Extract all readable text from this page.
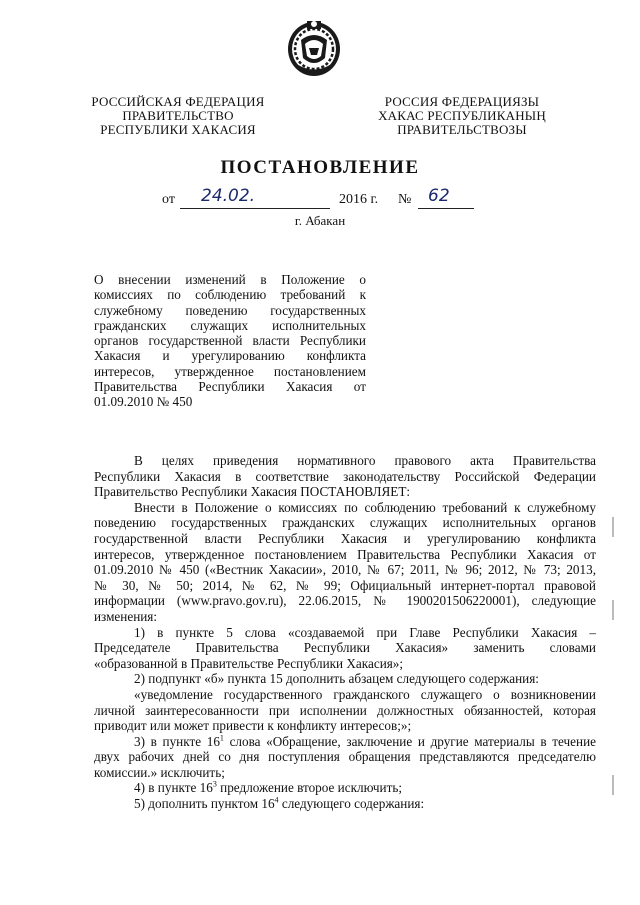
РОССИЙСКАЯ ФЕДЕРАЦИЯ
ПРАВИТЕЛЬСТВО
РЕСПУБЛИКИ ХАКАСИЯ
РОССИЯ ФЕДЕРАЦИЯЗЫ
ХАКАС РЕСПУБЛИКАНЫҢ
ПРАВИТЕЛЬСТВОЗЫ
ПОСТАНОВЛЕНИЕ
от 24.02.	2016 г. № 62
г. Абакан
О внесении изменений в Положение о
комиссиях по соблюдению требований к
служебному поведению государственных
гражданских служащих исполнительных
органов государственной власти Республики
Хакасия и урегулированию конфликта
интересов, утвержденное постановлением
Правительства Республики Хакасия от
01.09.2010 № 450
В целях приведения нормативного правового акта Правительства
Республики Хакасия в соответствие законодательству Российской Федерации
Правительство Республики Хакасия ПОСТАНОВЛЯЕТ:
Внести в Положение о комиссиях по соблюдению требований к служебному
поведению государственных гражданских служащих исполнительных органов
государственной власти Республики Хакасия и урегулированию конфликта
интересов, утвержденное постановлением Правительства Республики Хакасия от
01.09.2010 № 450 («Вестник Хакасии», 2010, № 67; 2011, № 96; 2012, № 73; 2013,
№ 30, № 50; 2014, № 62, № 99; Официальный интернет-портал правовой
информации (www.pravo.gov.ru), 22.06.2015, № 1900201506220001), следующие
изменения:
1) в пункте 5 слова «создаваемой при Главе Республики Хакасия –
Председателе Правительства Республики Хакасия» заменить словами
«образованной в Правительстве Республики Хакасия»;
2) подпункт «б» пункта 15 дополнить абзацем следующего содержания:
«уведомление государственного гражданского служащего о возникновении
личной заинтересованности при исполнении должностных обязанностей, которая
приводит или может привести к конфликту интересов;»;
3) в пункте $16^1$ слова «Обращение, заключение и другие материалы в течение
двух рабочих дней со дня поступления обращения представляются председателю
комиссии.» исключить;
4) в пункте $16^3$ предложение второе исключить;
5) дополнить пунктом $16^4$ следующего содержания:
